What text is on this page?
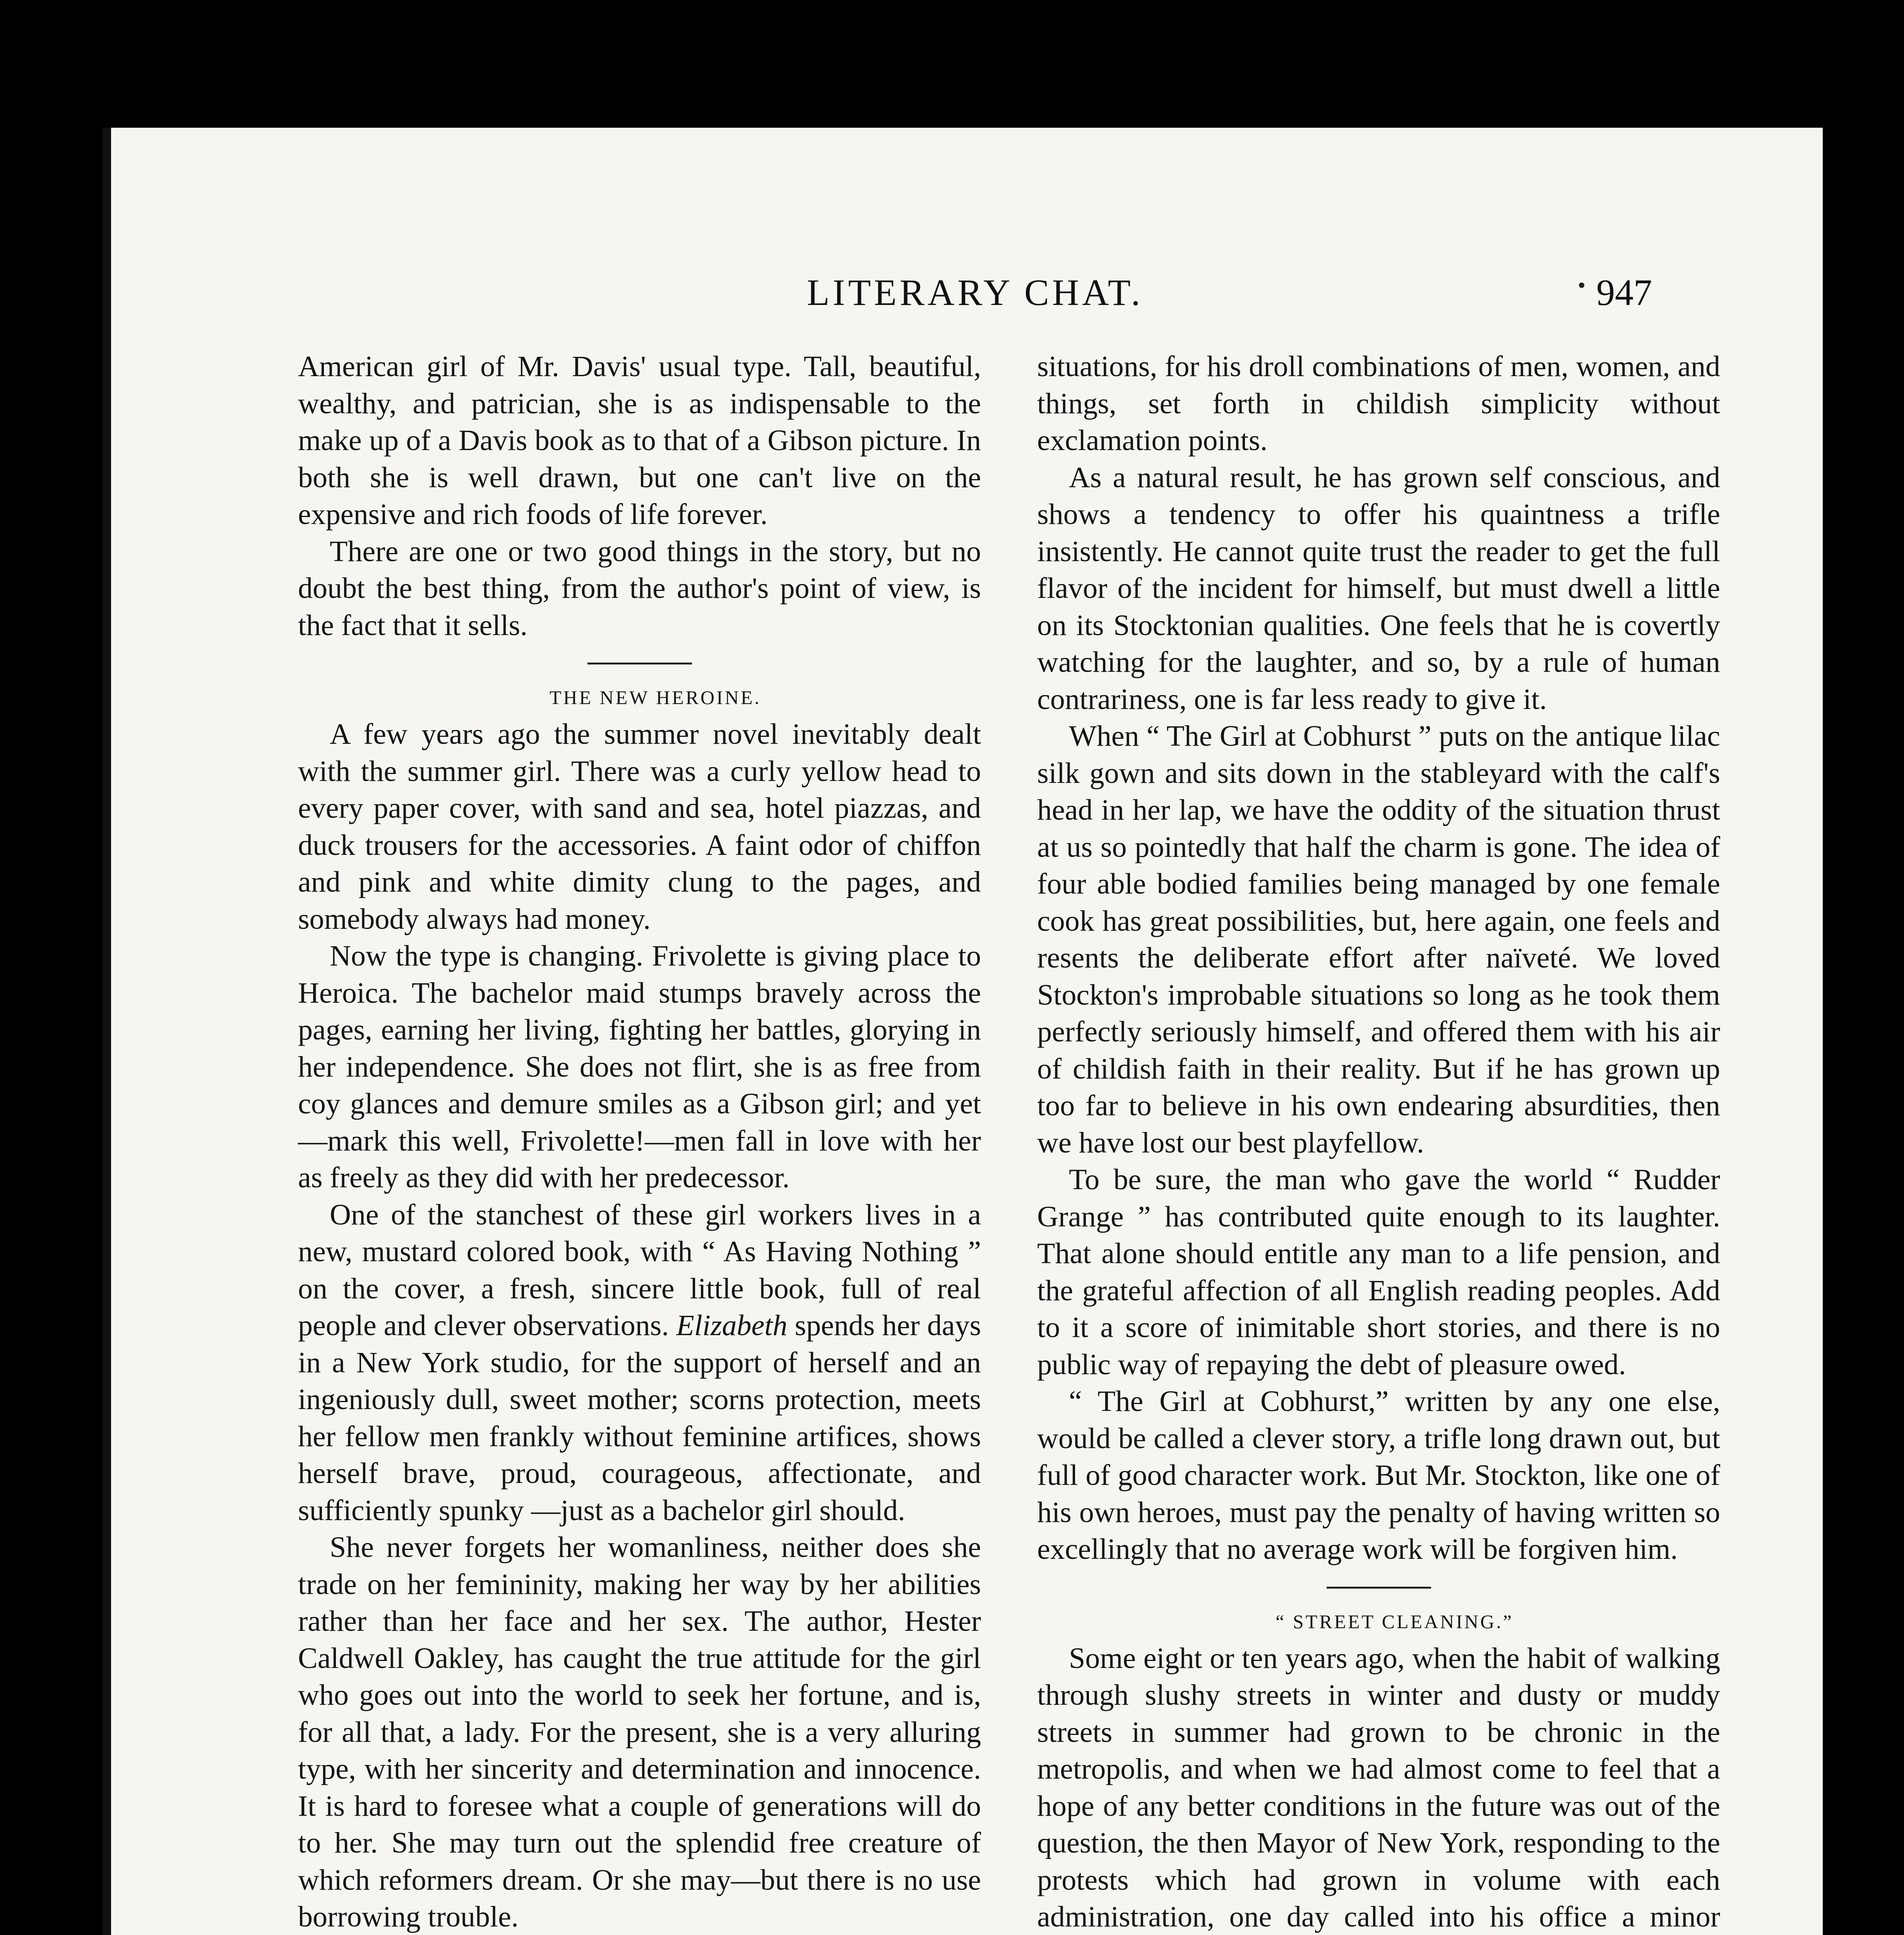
LITERARY CHAT.	947

American girl of Mr. Davis' usual type. Tall, beautiful, wealthy, and patrician, she is as indispensable to the make up of a Davis book as to that of a Gibson picture. In both she is well drawn, but one can't live on the expensive and rich foods of life forever.

There are one or two good things in the story, but no doubt the best thing, from the author's point of view, is the fact that it sells.

THE NEW HEROINE.

A few years ago the summer novel inevitably dealt with the summer girl. There was a curly yellow head to every paper cover, with sand and sea, hotel piazzas, and duck trousers for the accessories. A faint odor of chiffon and pink and white dimity clung to the pages, and somebody always had money.

Now the type is changing. Frivolette is giving place to Heroica. The bachelor maid stumps bravely across the pages, earning her living, fighting her battles, glorying in her independence. She does not flirt, she is as free from coy glances and demure smiles as a Gibson girl; and yet—mark this well, Frivolette!—men fall in love with her as freely as they did with her predecessor.

One of the stanchest of these girl workers lives in a new, mustard colored book, with “ As Having Nothing ” on the cover, a fresh, sincere little book, full of real people and clever observations. Elizabeth spends her days in a New York studio, for the support of herself and an ingeniously dull, sweet mother; scorns protection, meets her fellow men frankly without feminine artifices, shows herself brave, proud, courageous, affectionate, and sufficiently spunky —just as a bachelor girl should.

She never forgets her womanliness, neither does she trade on her femininity, making her way by her abilities rather than her face and her sex. The author, Hester Caldwell Oakley, has caught the true attitude for the girl who goes out into the world to seek her fortune, and is, for all that, a lady. For the present, she is a very alluring type, with her sincerity and determination and innocence. It is hard to foresee what a couple of generations will do to her. She may turn out the splendid free creature of which reformers dream. Or she may—but there is no use borrowing trouble.

situations, for his droll combinations of men, women, and things, set forth in childish simplicity without exclamation points.

As a natural result, he has grown self conscious, and shows a tendency to offer his quaintness a trifle insistently. He cannot quite trust the reader to get the full flavor of the incident for himself, but must dwell a little on its Stocktonian qualities. One feels that he is covertly watching for the laughter, and so, by a rule of human contrariness, one is far less ready to give it.

When “ The Girl at Cobhurst ” puts on the antique lilac silk gown and sits down in the stableyard with the calf's head in her lap, we have the oddity of the situation thrust at us so pointedly that half the charm is gone. The idea of four able bodied families being managed by one female cook has great possibilities, but, here again, one feels and resents the deliberate effort after naïveté. We loved Stockton's improbable situations so long as he took them perfectly seriously himself, and offered them with his air of childish faith in their reality. But if he has grown up too far to believe in his own endearing absurdities, then we have lost our best playfellow.

To be sure, the man who gave the world “ Rudder Grange ” has contributed quite enough to its laughter. That alone should entitle any man to a life pension, and the grateful affection of all English reading peoples. Add to it a score of inimitable short stories, and there is no public way of repaying the debt of pleasure owed.

“ The Girl at Cobhurst,” written by any one else, would be called a clever story, a trifle long drawn out, but full of good character work. But Mr. Stockton, like one of his own heroes, must pay the penalty of having written so excellingly that no average work will be forgiven him.

“ STREET CLEANING.”

Some eight or ten years ago, when the habit of walking through slushy streets in winter and dusty or muddy streets in summer had grown to be chronic in the metropolis, and when we had almost come to feel that a hope of any better conditions in the future was out of the question, the then Mayor of New York, responding to the protests which had grown in volume with each administration, one day called into his office a minor
